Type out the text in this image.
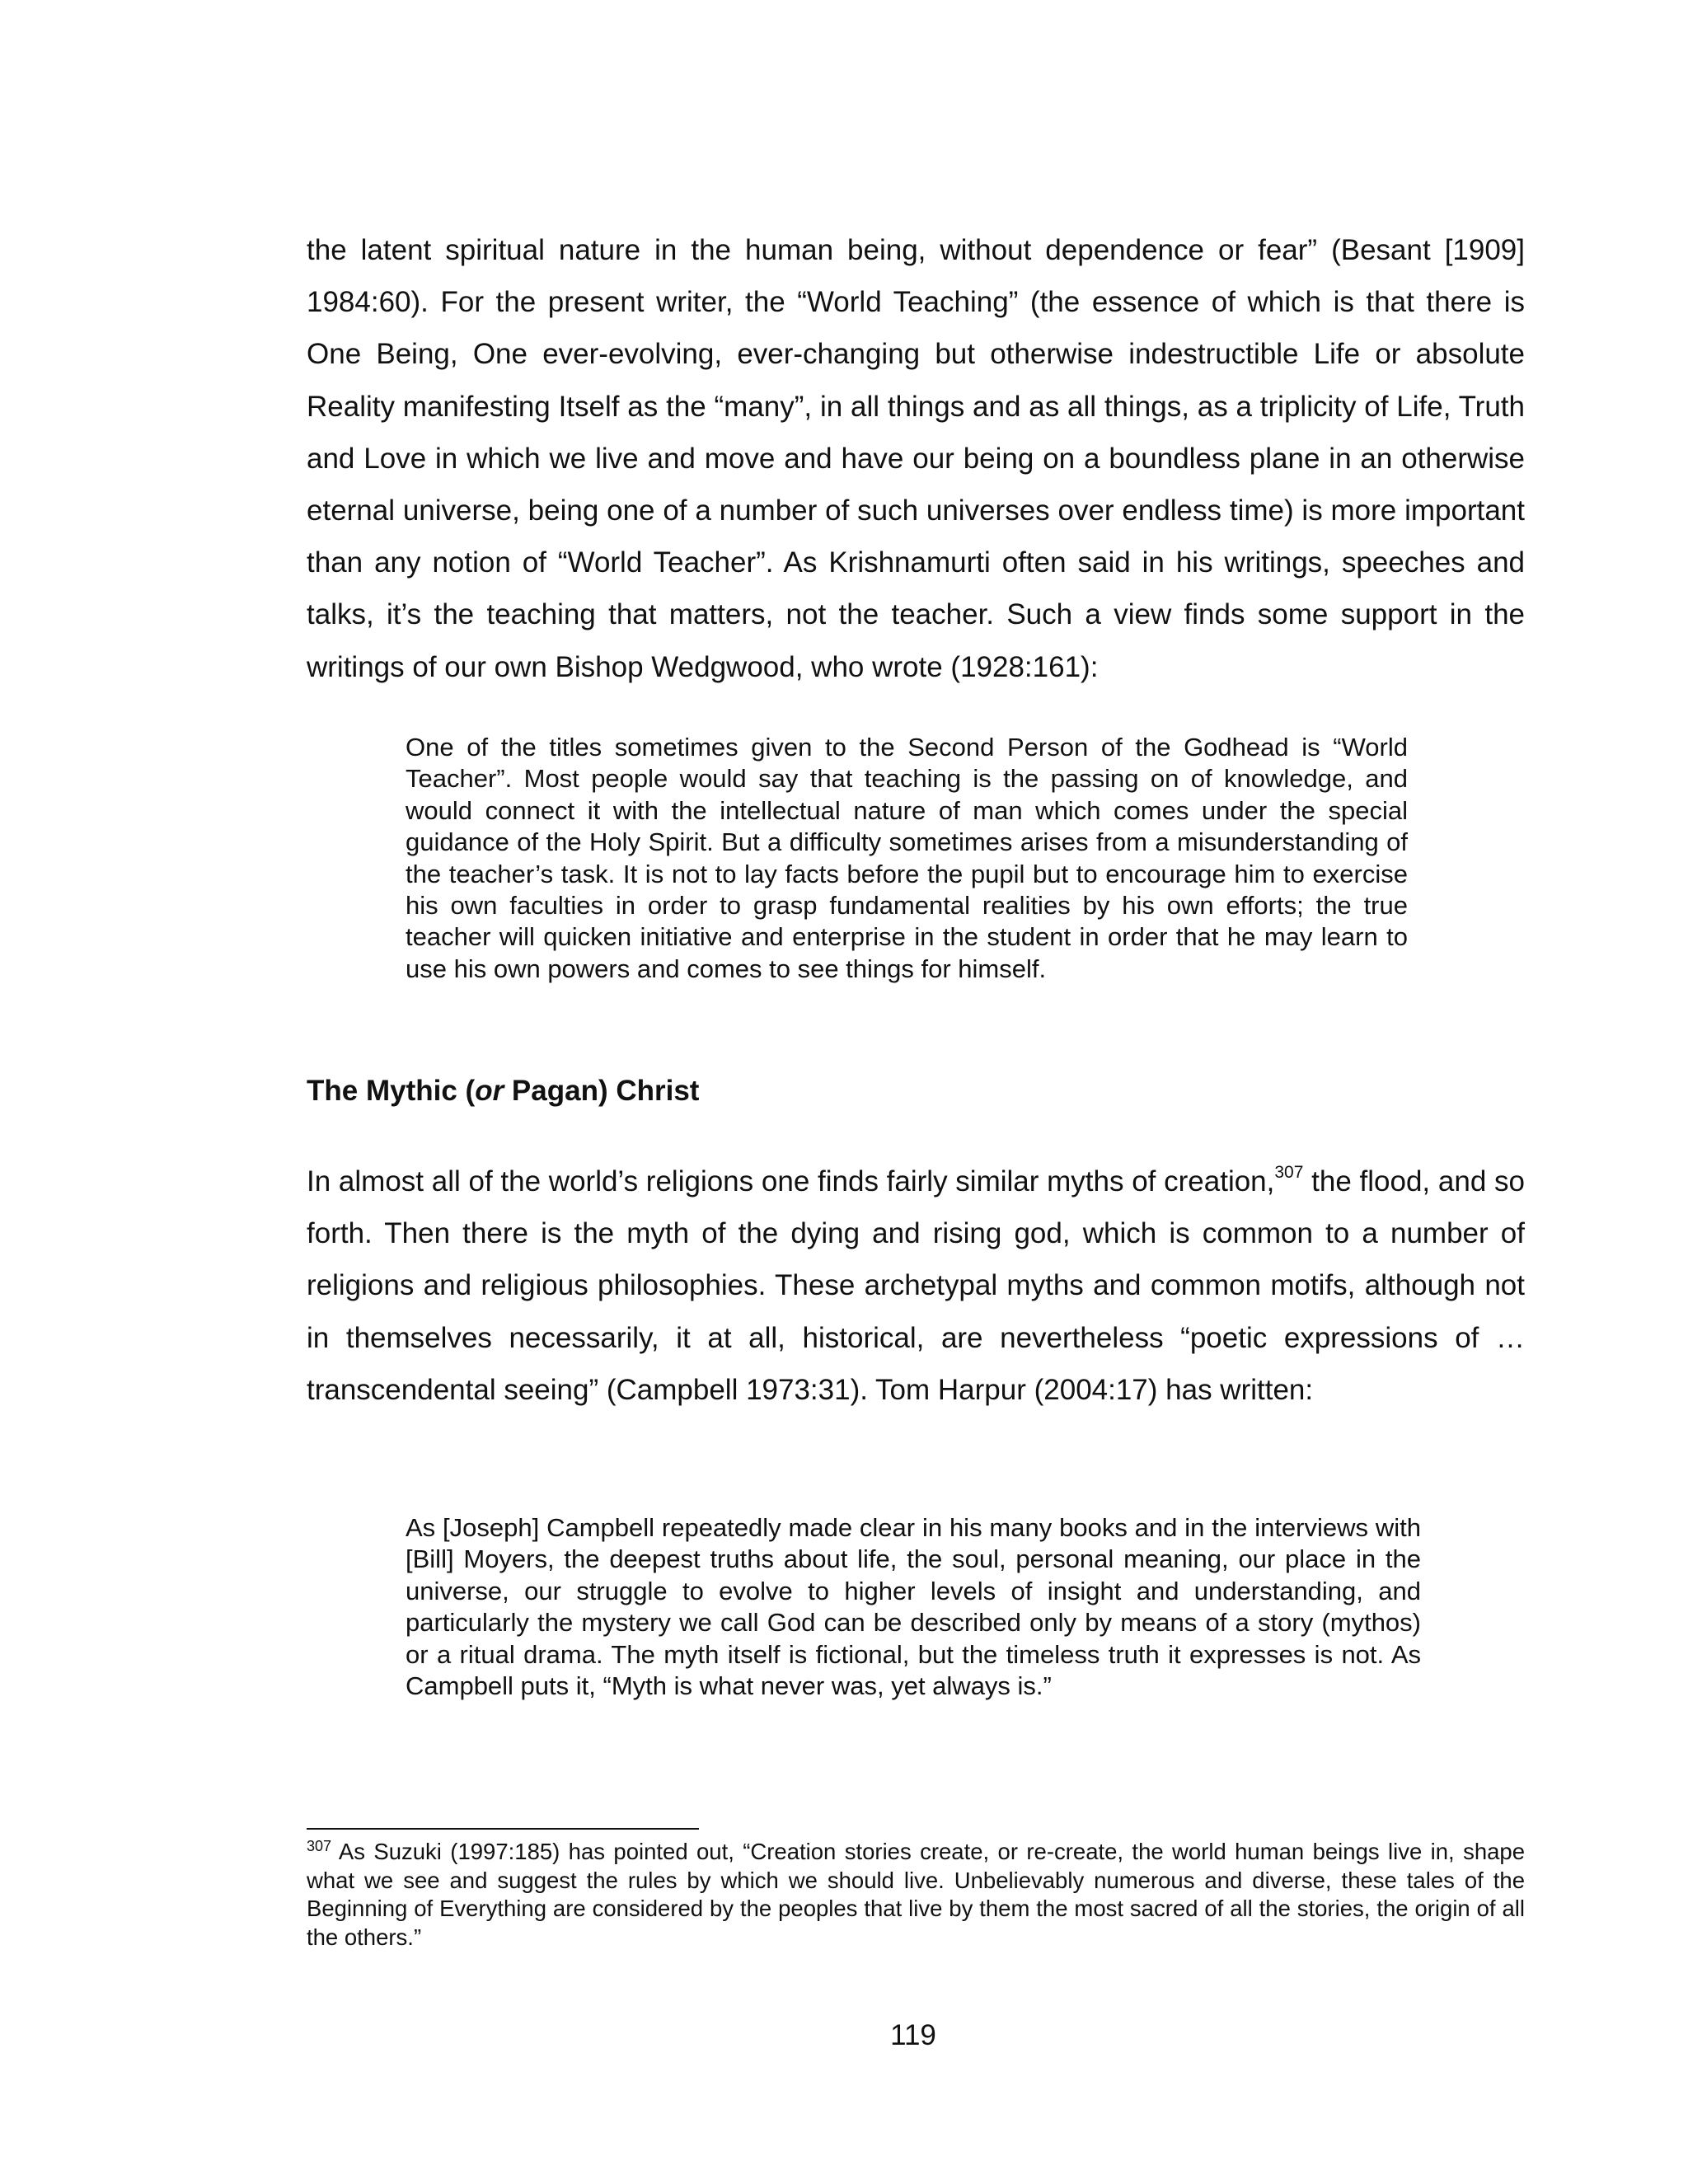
the latent spiritual nature in the human being, without dependence or fear” (Besant [1909] 1984:60). For the present writer, the “World Teaching” (the essence of which is that there is One Being, One ever-evolving, ever-changing but otherwise indestructible Life or absolute Reality manifesting Itself as the “many”, in all things and as all things, as a triplicity of Life, Truth and Love in which we live and move and have our being on a boundless plane in an otherwise eternal universe, being one of a number of such universes over endless time) is more important than any notion of “World Teacher”. As Krishnamurti often said in his writings, speeches and talks, it’s the teaching that matters, not the teacher. Such a view finds some support in the writings of our own Bishop Wedgwood, who wrote (1928:161):

One of the titles sometimes given to the Second Person of the Godhead is “World Teacher”. Most people would say that teaching is the passing on of knowledge, and would connect it with the intellectual nature of man which comes under the special guidance of the Holy Spirit. But a difficulty sometimes arises from a misunderstanding of the teacher’s task. It is not to lay facts before the pupil but to encourage him to exercise his own faculties in order to grasp fundamental realities by his own efforts; the true teacher will quicken initiative and enterprise in the student in order that he may learn to use his own powers and comes to see things for himself.

The Mythic (or Pagan) Christ

In almost all of the world’s religions one finds fairly similar myths of creation,$^{307}$ the flood, and so forth. Then there is the myth of the dying and rising god, which is common to a number of religions and religious philosophies. These archetypal myths and common motifs, although not in themselves necessarily, it at all, historical, are nevertheless “poetic expressions of … transcendental seeing” (Campbell 1973:31). Tom Harpur (2004:17) has written:

As [Joseph] Campbell repeatedly made clear in his many books and in the interviews with [Bill] Moyers, the deepest truths about life, the soul, personal meaning, our place in the universe, our struggle to evolve to higher levels of insight and understanding, and particularly the mystery we call God can be described only by means of a story (mythos) or a ritual drama. The myth itself is fictional, but the timeless truth it expresses is not. As Campbell puts it, “Myth is what never was, yet always is.”

$^{307}$ As Suzuki (1997:185) has pointed out, “Creation stories create, or re-create, the world human beings live in, shape what we see and suggest the rules by which we should live. Unbelievably numerous and diverse, these tales of the Beginning of Everything are considered by the peoples that live by them the most sacred of all the stories, the origin of all the others.”

119
